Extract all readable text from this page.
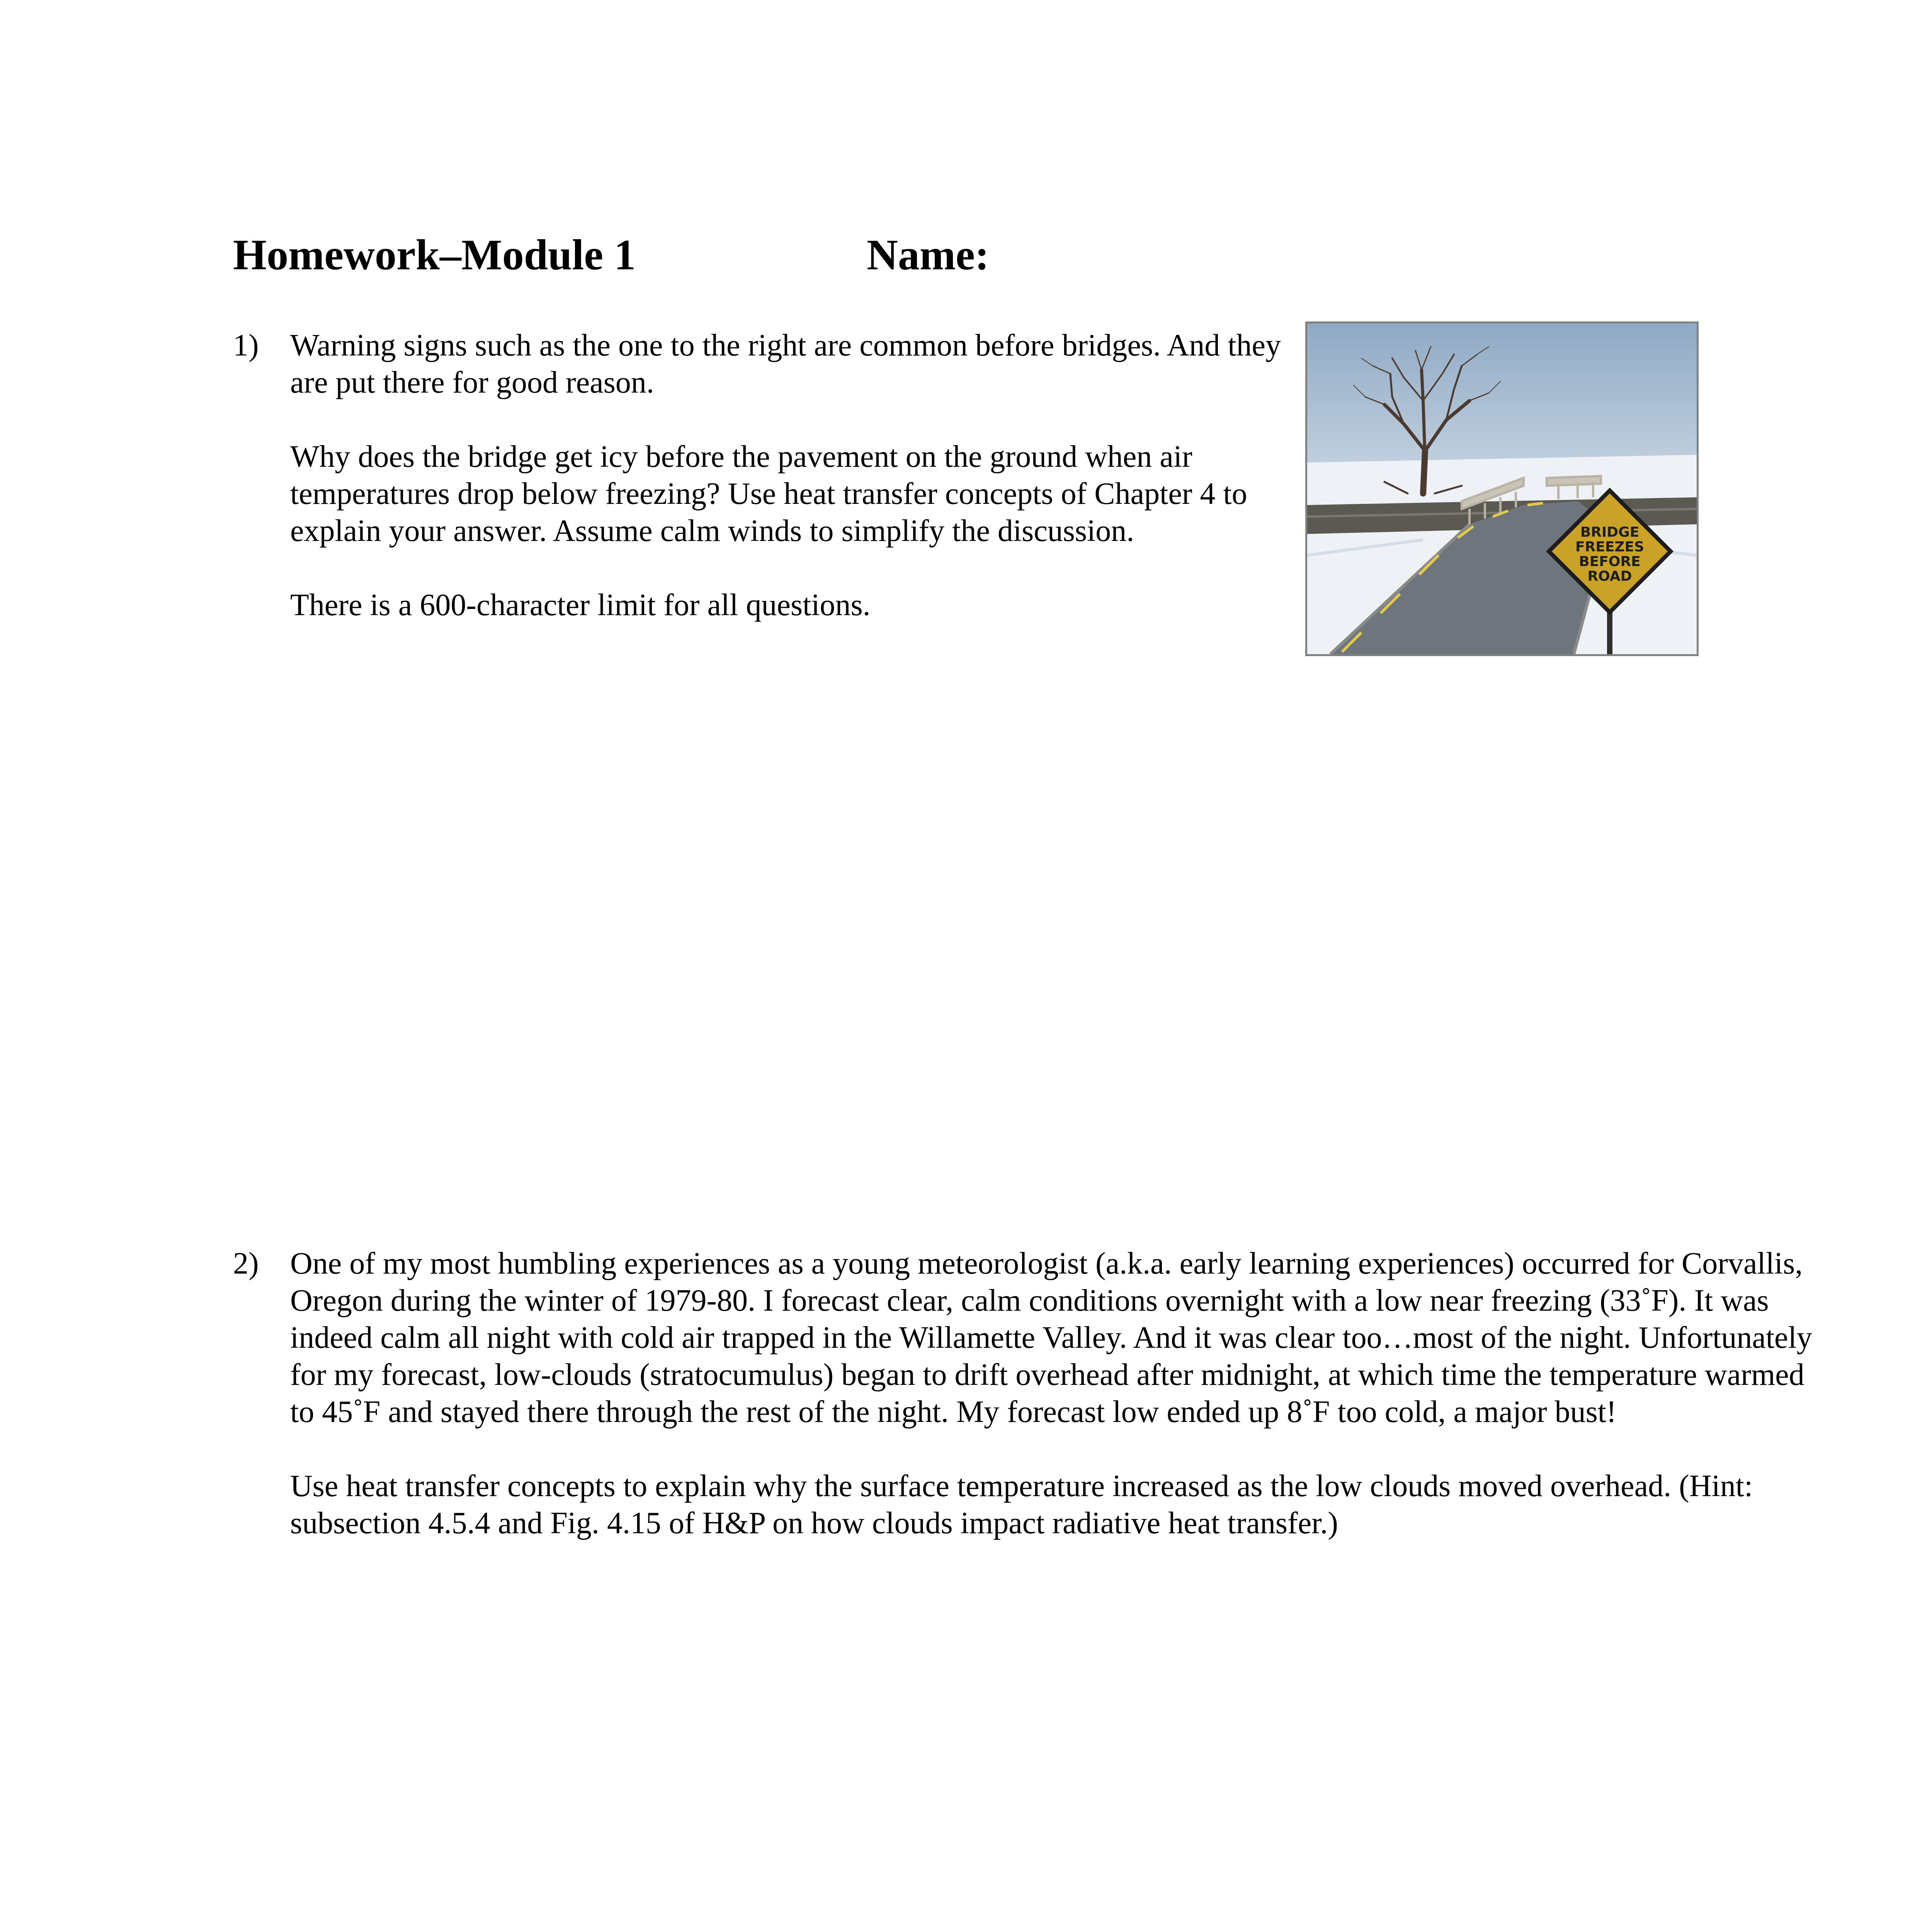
Homework–Module 1	Name:
1) Warning signs such as the one to the right are common before bridges. And they are put there for good reason.

Why does the bridge get icy before the pavement on the ground when air temperatures drop below freezing? Use heat transfer concepts of Chapter 4 to explain your answer. Assume calm winds to simplify the discussion.

There is a 600-character limit for all questions.

BRIDGE
FREEZES
BEFORE
ROAD
2) One of my most humbling experiences as a young meteorologist (a.k.a. early learning experiences) occurred for Corvallis, Oregon during the winter of 1979-80. I forecast clear, calm conditions overnight with a low near freezing (33˚F). It was indeed calm all night with cold air trapped in the Willamette Valley. And it was clear too…most of the night. Unfortunately for my forecast, low-clouds (stratocumulus) began to drift overhead after midnight, at which time the temperature warmed to 45˚F and stayed there through the rest of the night. My forecast low ended up 8˚F too cold, a major bust!

Use heat transfer concepts to explain why the surface temperature increased as the low clouds moved overhead. (Hint: subsection 4.5.4 and Fig. 4.15 of H&P on how clouds impact radiative heat transfer.)
